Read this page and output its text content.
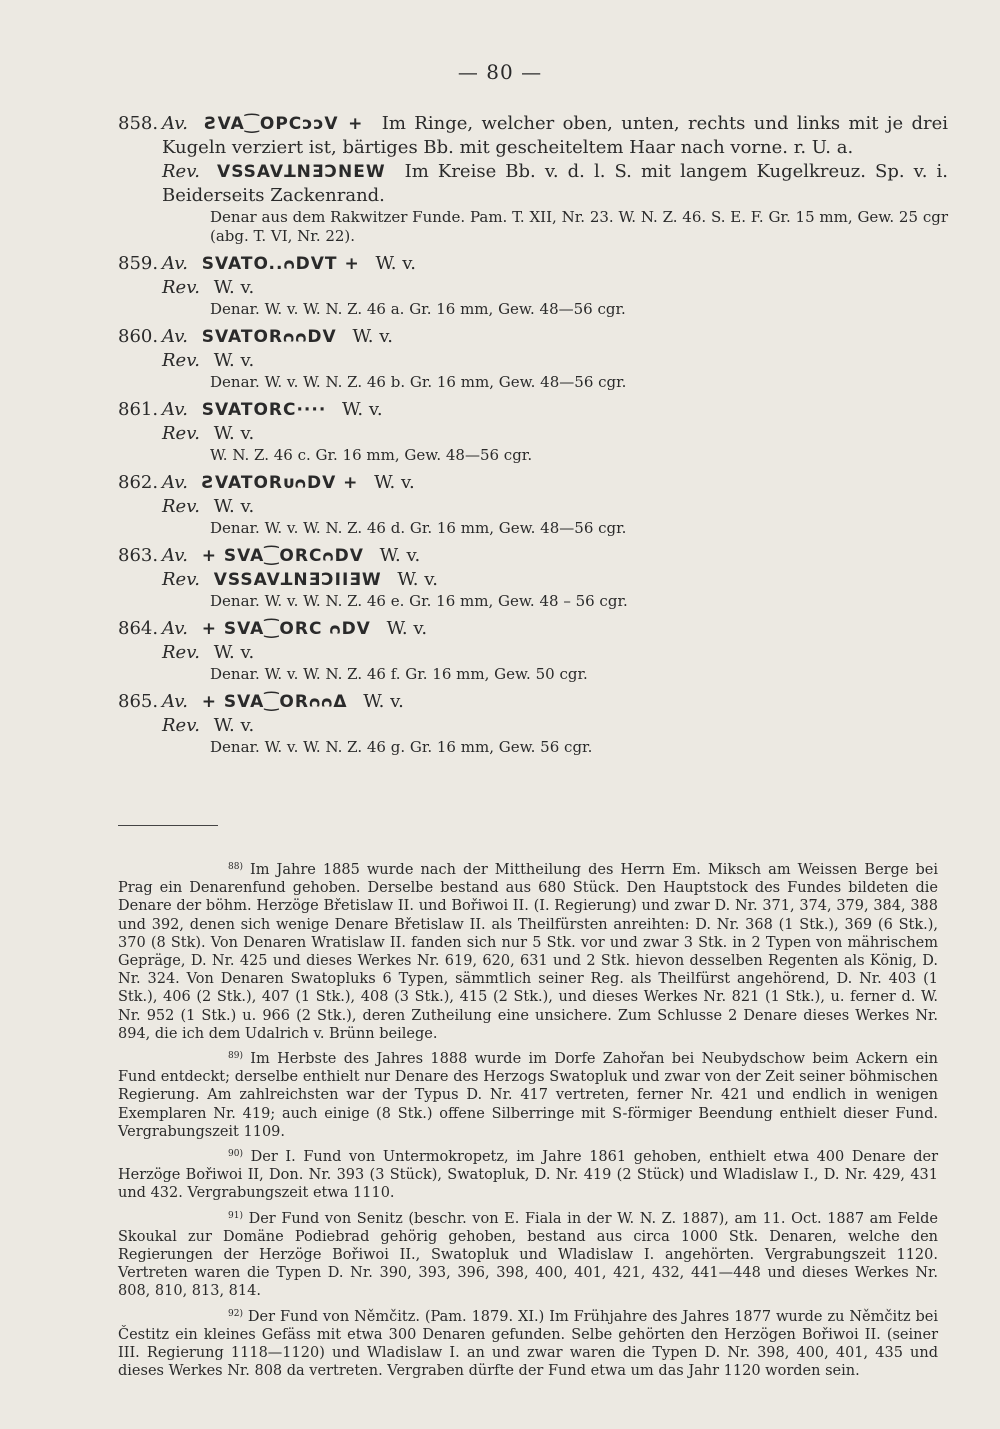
— 80 —
858. Av. ƧVA⁐OPCↄↄV + Im Ringe, welcher oben, unten, rechts und links mit je drei Kugeln verziert ist, bärtiges Bb. mit gescheiteltem Haar nach vorne. r. U. a.
Rev. VSSAVꓕNƎƆNEW Im Kreise Bb. v. d. l. S. mit langem Kugelkreuz. Sp. v. i. Beiderseits Zackenrand.
Denar aus dem Rakwitzer Funde. Pam. T. XII, Nr. 23. W. N. Z. 46. S. E. F. Gr. 15 mm, Gew. 25 cgr (abg. T. VI, Nr. 22).
859. Av. SVATO..ᴒDVT + W. v.
Rev. W. v.
Denar. W. v. W. N. Z. 46 a. Gr. 16 mm, Gew. 48—56 cgr.
860. Av. SVATORᴒᴒDV W. v.
Rev. W. v.
Denar. W. v. W. N. Z. 46 b. Gr. 16 mm, Gew. 48—56 cgr.
861. Av. SVATORC···· W. v.
Rev. W. v.
W. N. Z. 46 c. Gr. 16 mm, Gew. 48—56 cgr.
862. Av. ƧVATORᴜᴒDV + W. v.
Rev. W. v.
Denar. W. v. W. N. Z. 46 d. Gr. 16 mm, Gew. 48—56 cgr.
863. Av. + SVA⁐ORCᴒDV W. v.
Rev. VSSAVꓕNƎƆIIƎW W. v.
Denar. W. v. W. N. Z. 46 e. Gr. 16 mm, Gew. 48 – 56 cgr.
864. Av. + SVA⁐ORC ᴒDV W. v.
Rev. W. v.
Denar. W. v. W. N. Z. 46 f. Gr. 16 mm, Gew. 50 cgr.
865. Av. + SVA⁐ORᴒᴒΔ W. v.
Rev. W. v.
Denar. W. v. W. N. Z. 46 g. Gr. 16 mm, Gew. 56 cgr.
$^{88)}$ Im Jahre 1885 wurde nach der Mittheilung des Herrn Em. Miksch am Weissen Berge bei Prag ein Denarenfund gehoben. Derselbe bestand aus 680 Stück. Den Hauptstock des Fundes bildeten die Denare der böhm. Herzöge Břetislaw II. und Bořiwoi II. (I. Regierung) und zwar D. Nr. 371, 374, 379, 384, 388 und 392, denen sich wenige Denare Břetislaw II. als Theilfürsten anreihten: D. Nr. 368 (1 Stk.), 369 (6 Stk.), 370 (8 Stk). Von Denaren Wratislaw II. fanden sich nur 5 Stk. vor und zwar 3 Stk. in 2 Typen von mährischem Gepräge, D. Nr. 425 und dieses Werkes Nr. 619, 620, 631 und 2 Stk. hievon desselben Regenten als König, D. Nr. 324. Von Denaren Swatopluks 6 Typen, sämmtlich seiner Reg. als Theilfürst angehörend, D. Nr. 403 (1 Stk.), 406 (2 Stk.), 407 (1 Stk.), 408 (3 Stk.), 415 (2 Stk.), und dieses Werkes Nr. 821 (1 Stk.), u. ferner d. W. Nr. 952 (1 Stk.) u. 966 (2 Stk.), deren Zutheilung eine unsichere. Zum Schlusse 2 Denare dieses Werkes Nr. 894, die ich dem Udalrich v. Brünn beilege.
$^{89)}$ Im Herbste des Jahres 1888 wurde im Dorfe Zahořan bei Neubydschow beim Ackern ein Fund entdeckt; derselbe enthielt nur Denare des Herzogs Swatopluk und zwar von der Zeit seiner böhmischen Regierung. Am zahlreichsten war der Typus D. Nr. 417 vertreten, ferner Nr. 421 und endlich in wenigen Exemplaren Nr. 419; auch einige (8 Stk.) offene Silberringe mit S-förmiger Beendung enthielt dieser Fund. Vergrabungszeit 1109.
$^{90)}$ Der I. Fund von Untermokropetz, im Jahre 1861 gehoben, enthielt etwa 400 Denare der Herzöge Bořiwoi II, Don. Nr. 393 (3 Stück), Swatopluk, D. Nr. 419 (2 Stück) und Wladislaw I., D. Nr. 429, 431 und 432. Vergrabungszeit etwa 1110.
$^{91)}$ Der Fund von Senitz (beschr. von E. Fiala in der W. N. Z. 1887), am 11. Oct. 1887 am Felde Skoukal zur Domäne Podiebrad gehörig gehoben, bestand aus circa 1000 Stk. Denaren, welche den Regierungen der Herzöge Bořiwoi II., Swatopluk und Wladislaw I. angehörten. Vergrabungszeit 1120. Vertreten waren die Typen D. Nr. 390, 393, 396, 398, 400, 401, 421, 432, 441—448 und dieses Werkes Nr. 808, 810, 813, 814.
$^{92)}$ Der Fund von Němčitz. (Pam. 1879. XI.) Im Frühjahre des Jahres 1877 wurde zu Němčitz bei Čestitz ein kleines Gefäss mit etwa 300 Denaren gefunden. Selbe gehörten den Herzögen Bořiwoi II. (seiner III. Regierung 1118—1120) und Wladislaw I. an und zwar waren die Typen D. Nr. 398, 400, 401, 435 und dieses Werkes Nr. 808 da vertreten. Vergraben dürfte der Fund etwa um das Jahr 1120 worden sein.
